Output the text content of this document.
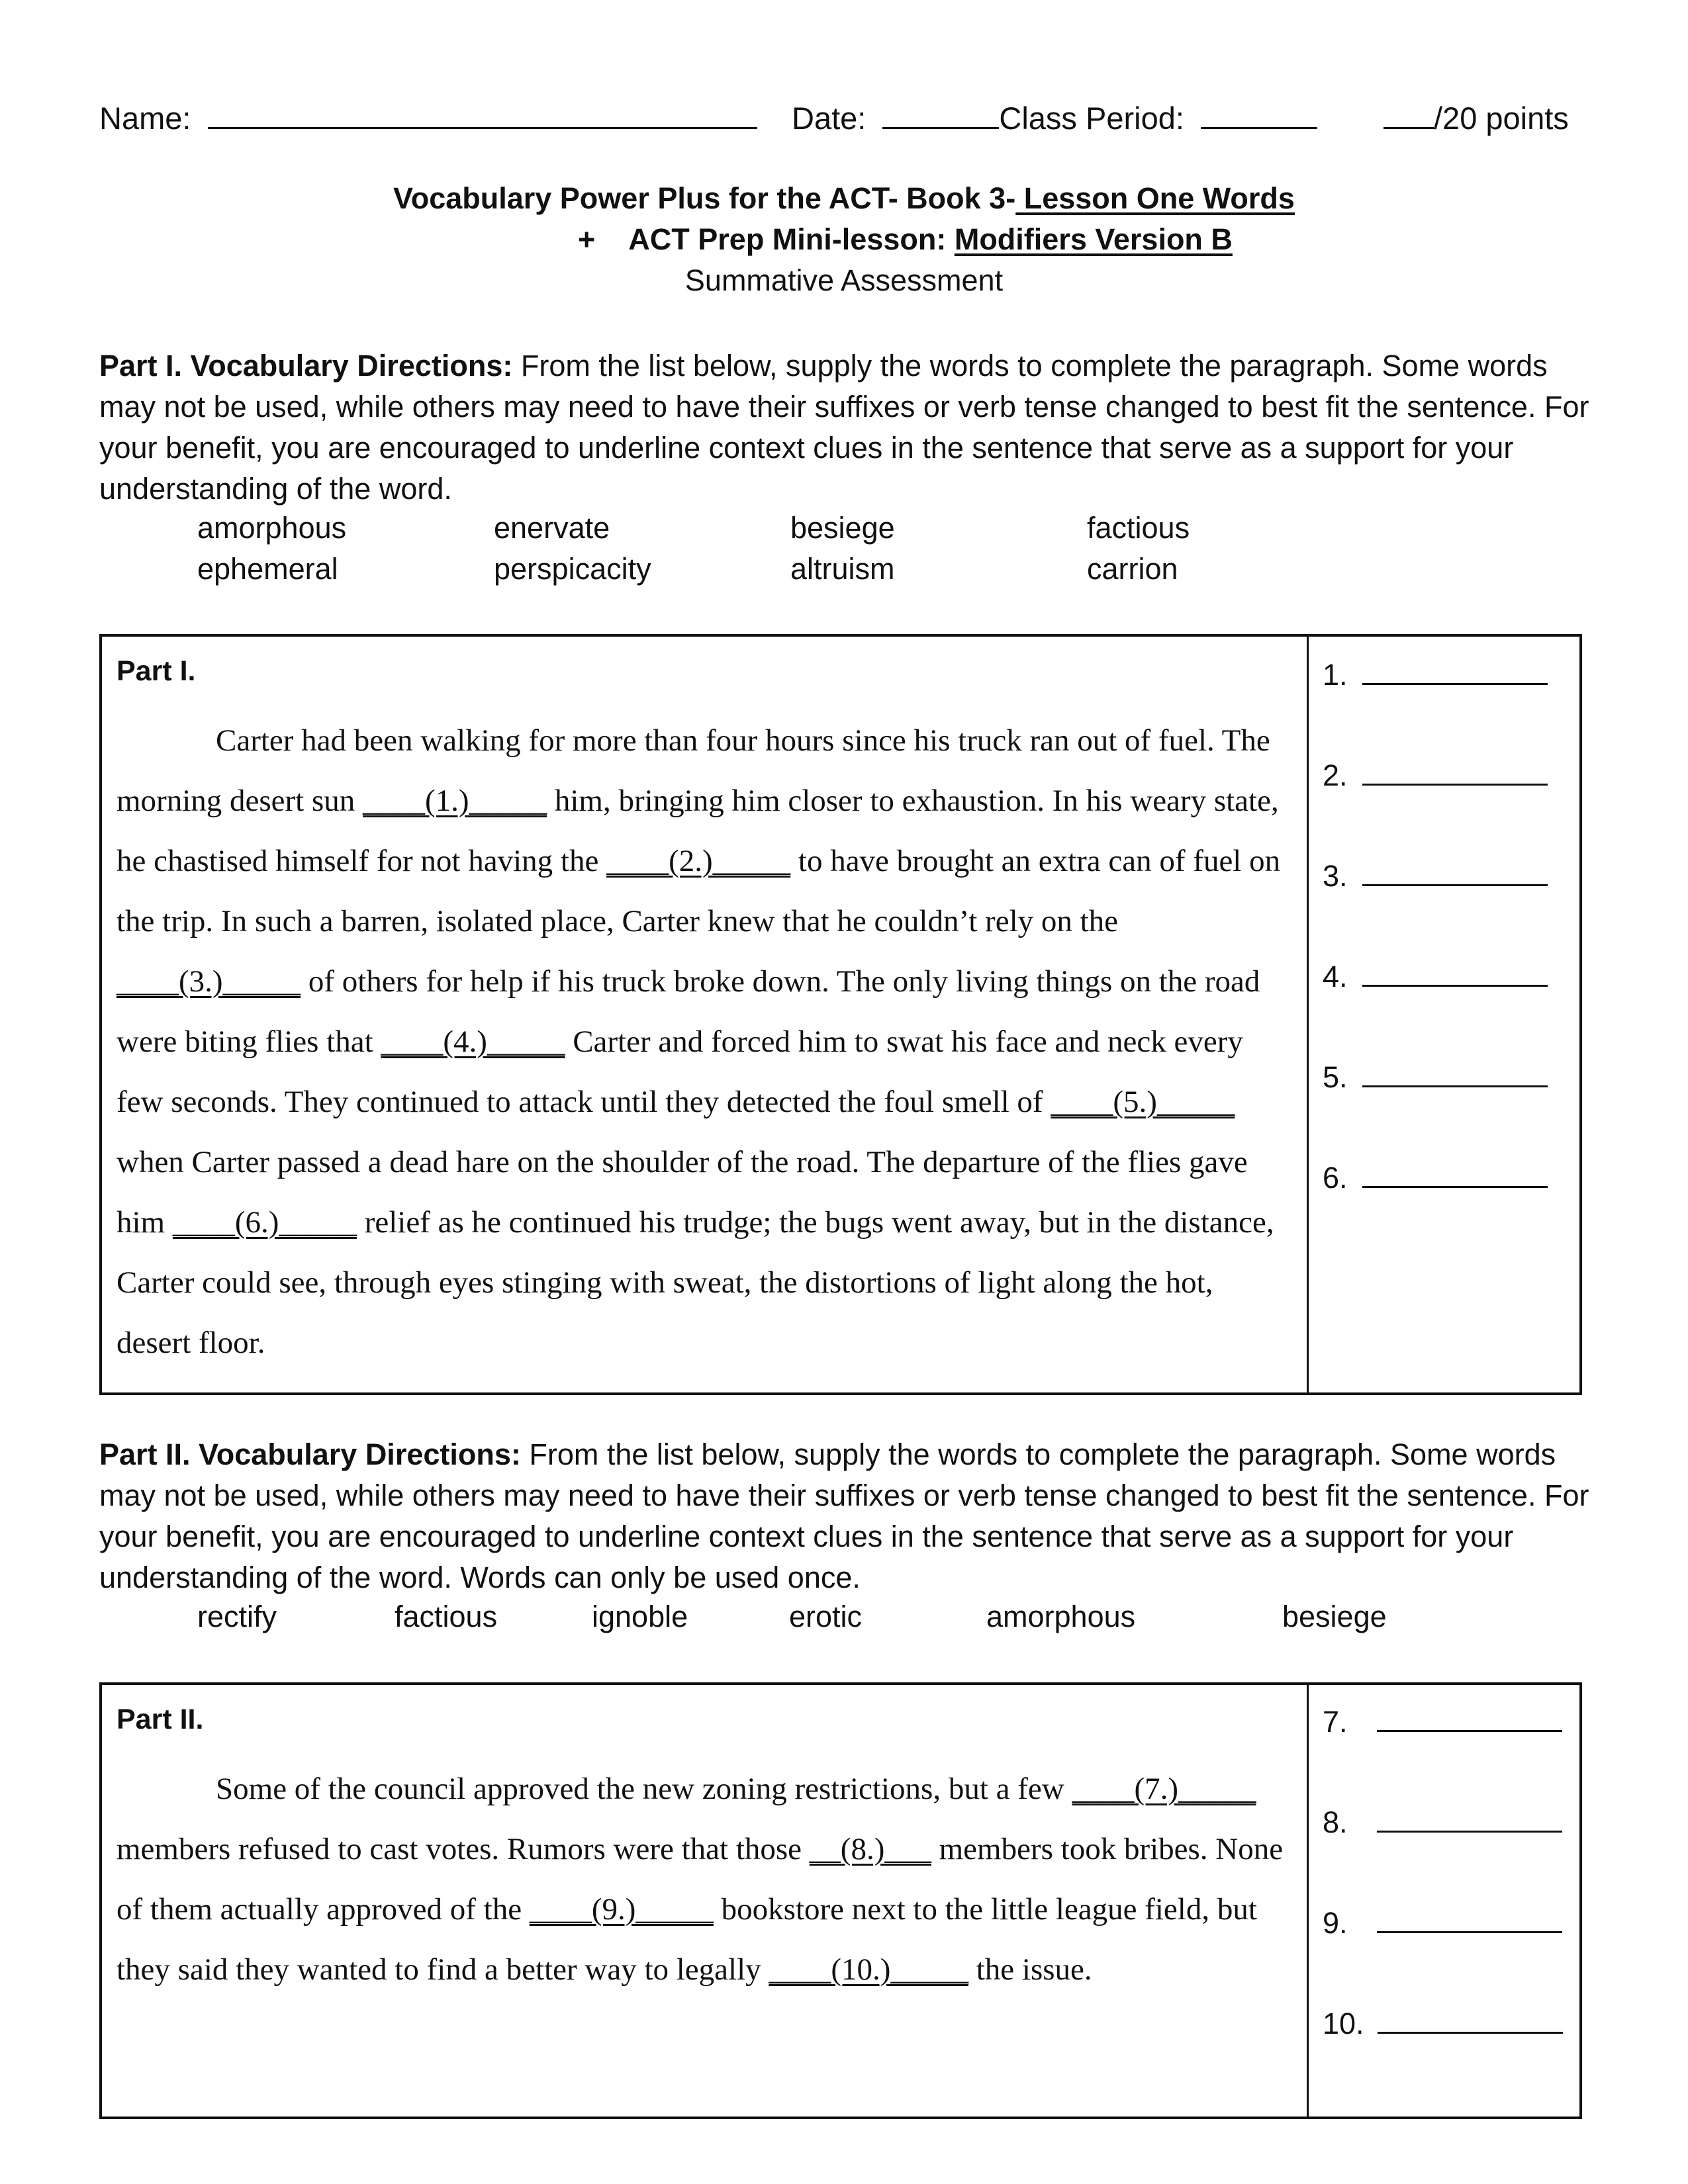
Name:	Date:	Class Period:	/20 points
Vocabulary Power Plus for the ACT- Book 3- Lesson One Words
+ ACT Prep Mini-lesson: Modifiers Version B
Summative Assessment
Part I. Vocabulary Directions: From the list below, supply the words to complete the paragraph. Some words may not be used, while others may need to have their suffixes or verb tense changed to best fit the sentence. For your benefit, you are encouraged to underline context clues in the sentence that serve as a support for your understanding of the word.
amorphous	enervate	besiege	factious
ephemeral	perspicacity	altruism	carrion
Part I.
Carter had been walking for more than four hours since his truck ran out of fuel. The morning desert sun ____(1.)_____ him, bringing him closer to exhaustion. In his weary state, he chastised himself for not having the ____(2.)_____ to have brought an extra can of fuel on the trip. In such a barren, isolated place, Carter knew that he couldn’t rely on the ____(3.)_____ of others for help if his truck broke down. The only living things on the road were biting flies that ____(4.)_____ Carter and forced him to swat his face and neck every few seconds. They continued to attack until they detected the foul smell of ____(5.)_____ when Carter passed a dead hare on the shoulder of the road. The departure of the flies gave him ____(6.)_____ relief as he continued his trudge; the bugs went away, but in the distance, Carter could see, through eyes stinging with sweat, the distortions of light along the hot, desert floor.
1.
2.
3.
4.
5.
6.
Part II. Vocabulary Directions: From the list below, supply the words to complete the paragraph. Some words may not be used, while others may need to have their suffixes or verb tense changed to best fit the sentence. For your benefit, you are encouraged to underline context clues in the sentence that serve as a support for your understanding of the word. Words can only be used once.
rectify	factious	ignoble	erotic	amorphous	besiege
Part II.
Some of the council approved the new zoning restrictions, but a few ____(7.)_____ members refused to cast votes. Rumors were that those __(8.)___ members took bribes. None of them actually approved of the ____(9.)_____ bookstore next to the little league field, but they said they wanted to find a better way to legally ____(10.)_____ the issue.
7.
8.
9.
10.
